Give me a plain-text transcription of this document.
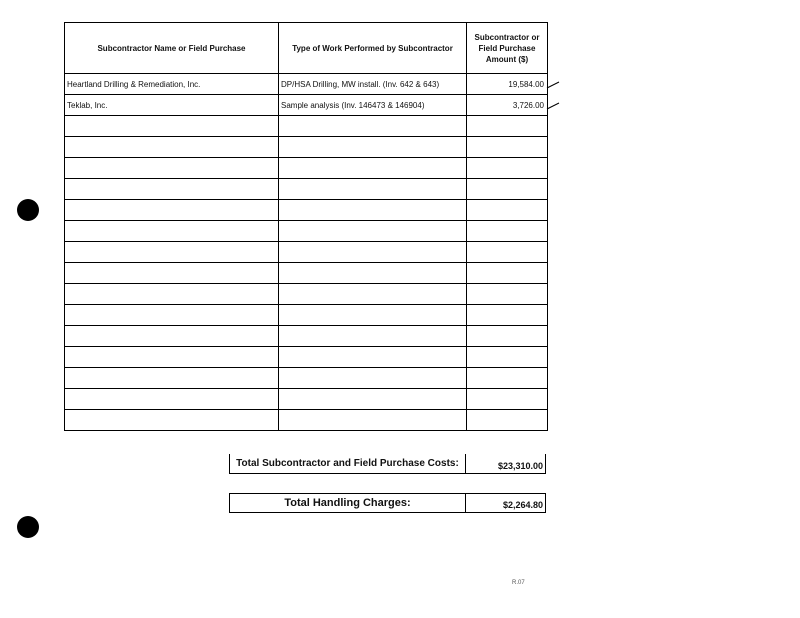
Subcontractor Name or Field Purchase	Type of Work Performed by Subcontractor	Subcontractor or Field Purchase Amount ($)
Heartland Drilling & Remediation, Inc.	DP/HSA Drilling, MW install. (Inv. 642 & 643)	19,584.00
Teklab, Inc.	Sample analysis (Inv. 146473 & 146904)	3,726.00

Total Subcontractor and Field Purchase Costs:	$23,310.00
Total Handling Charges:	$2,264.80
R.07
